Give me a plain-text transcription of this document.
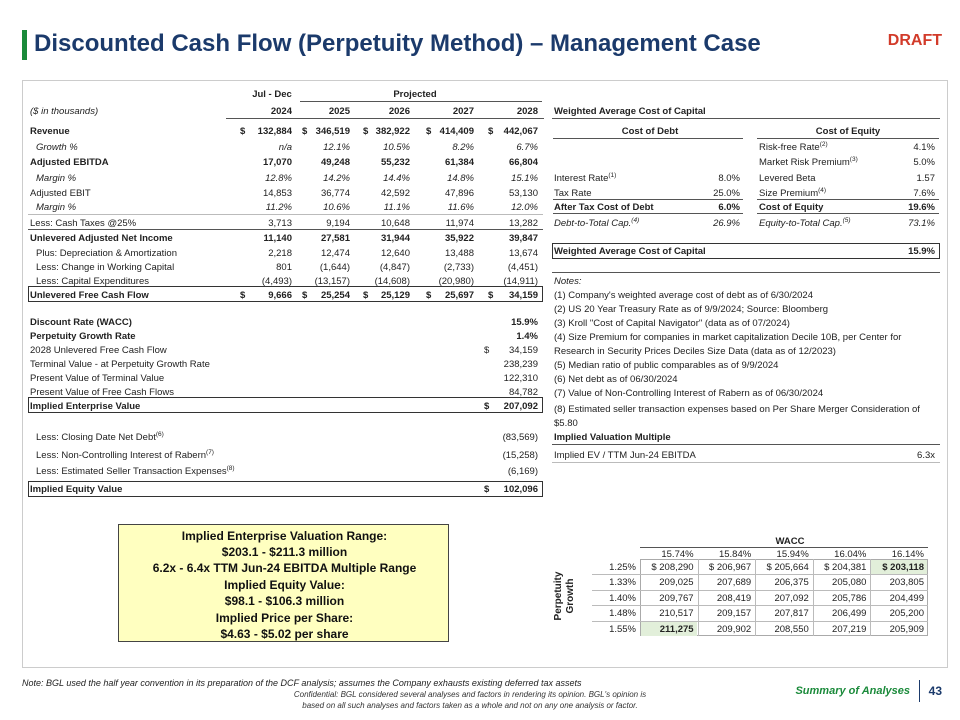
Discounted Cash Flow (Perpetuity Method) – Management Case	DRAFT
Jul - Dec	Projected
($ in thousands)	2024	2025	2026	2027	2028
Revenue	132,884	346,519	382,922	414,409	442,067
$	$	$	$	$
Growth %	n/a	12.1%	10.5%	8.2%	6.7%
Adjusted EBITDA	17,070	49,248	55,232	61,384	66,804
Margin %	12.8%	14.2%	14.4%	14.8%	15.1%
Adjusted EBIT	14,853	36,774	42,592	47,896	53,130
Margin %	11.2%	10.6%	11.1%	11.6%	12.0%
Less: Cash Taxes @25%	3,713	9,194	10,648	11,974	13,282
Unlevered Adjusted Net Income	11,140	27,581	31,944	35,922	39,847
Plus: Depreciation & Amortization	2,218	12,474	12,640	13,488	13,674
Less: Change in Working Capital	801	(1,644)	(4,847)	(2,733)	(4,451)
Less: Capital Expenditures	(4,493)	(13,157)	(14,608)	(20,980)	(14,911)
Unlevered Free Cash Flow	9,666	25,254	25,129	25,697	34,159
$	$	$	$	$
Discount Rate (WACC)	15.9%
Perpetuity Growth Rate	1.4%
2028 Unlevered Free Cash Flow	34,159
$
Terminal Value - at Perpetuity Growth Rate	238,239
Present Value of Terminal Value	122,310
Present Value of Free Cash Flows	84,782
Implied Enterprise Value	207,092
$
Less: Closing Date Net Debt$^{(6)}$	(83,569)
Less: Non-Controlling Interest of Rabern$^{(7)}$	(15,258)
Less: Estimated Seller Transaction Expenses$^{(8)}$	(6,169)
Implied Equity Value	$	102,096
Weighted Average Cost of Capital
Cost of Debt	Cost of Equity
Interest Rate$^{(1)}$	8.0%
Tax Rate	25.0%
After Tax Cost of Debt	6.0%
Risk-free Rate$^{(2)}$	4.1%
Market Risk Premium$^{(3)}$	5.0%
Levered Beta	1.57
Size Premium$^{(4)}$	7.6%
Cost of Equity	19.6%
Debt-to-Total Cap.$^{(4)}$	26.9% Equity-to-Total Cap.$^{(5)}$	73.1%
Weighted Average Cost of Capital	15.9%
Notes:
(1) Company's weighted average cost of debt as of 6/30/2024
(2) US 20 Year Treasury Rate as of 9/9/2024; Source: Bloomberg
(3) Kroll "Cost of Capital Navigator" (data as of 07/2024)
(4) Size Premium for companies in market capitalization Decile 10B, per Center for
Research in Security Prices Deciles Size Data (data as of 12/2023)
(5) Median ratio of public comparables as of 9/9/2024
(6) Net debt as of 06/30/2024
(7) Value of Non-Controlling Interest of Rabern as of 06/30/2024
(8) Estimated seller transaction expenses based on Per Share Merger Consideration of
$5.80
Implied Valuation Multiple
Implied EV / TTM Jun-24 EBITDA	6.3x
Implied Enterprise Valuation Range:
$203.1 - $211.3 million
6.2x - 6.4x TTM Jun-24 EBITDA Multiple Range
Implied Equity Value:
$98.1 - $106.3 million
Implied Price per Share:
$4.63 - $5.02 per share
WACC
15.74%	15.84%	15.94%	16.04%	16.14%
1.25%	$ 208,290	$ 206,967	$ 205,664	$ 204,381	$ 203,118
1.33%	209,025	207,689	206,375	205,080	203,805
1.40%	209,767	208,419	207,092	205,786	204,499
1.48%	210,517	209,157	207,817	206,499	205,200
1.55%	211,275	209,902	208,550	207,219	205,909
Perpetuity Growth
Note: BGL used the half year convention in its preparation of the DCF analysis; assumes the Company exhausts existing deferred tax assets
Confidential: BGL considered several analyses and factors in rendering its opinion. BGL's opinion is
based on all such analyses and factors taken as a whole and not on any one analysis or factor.
Summary of Analyses 43
